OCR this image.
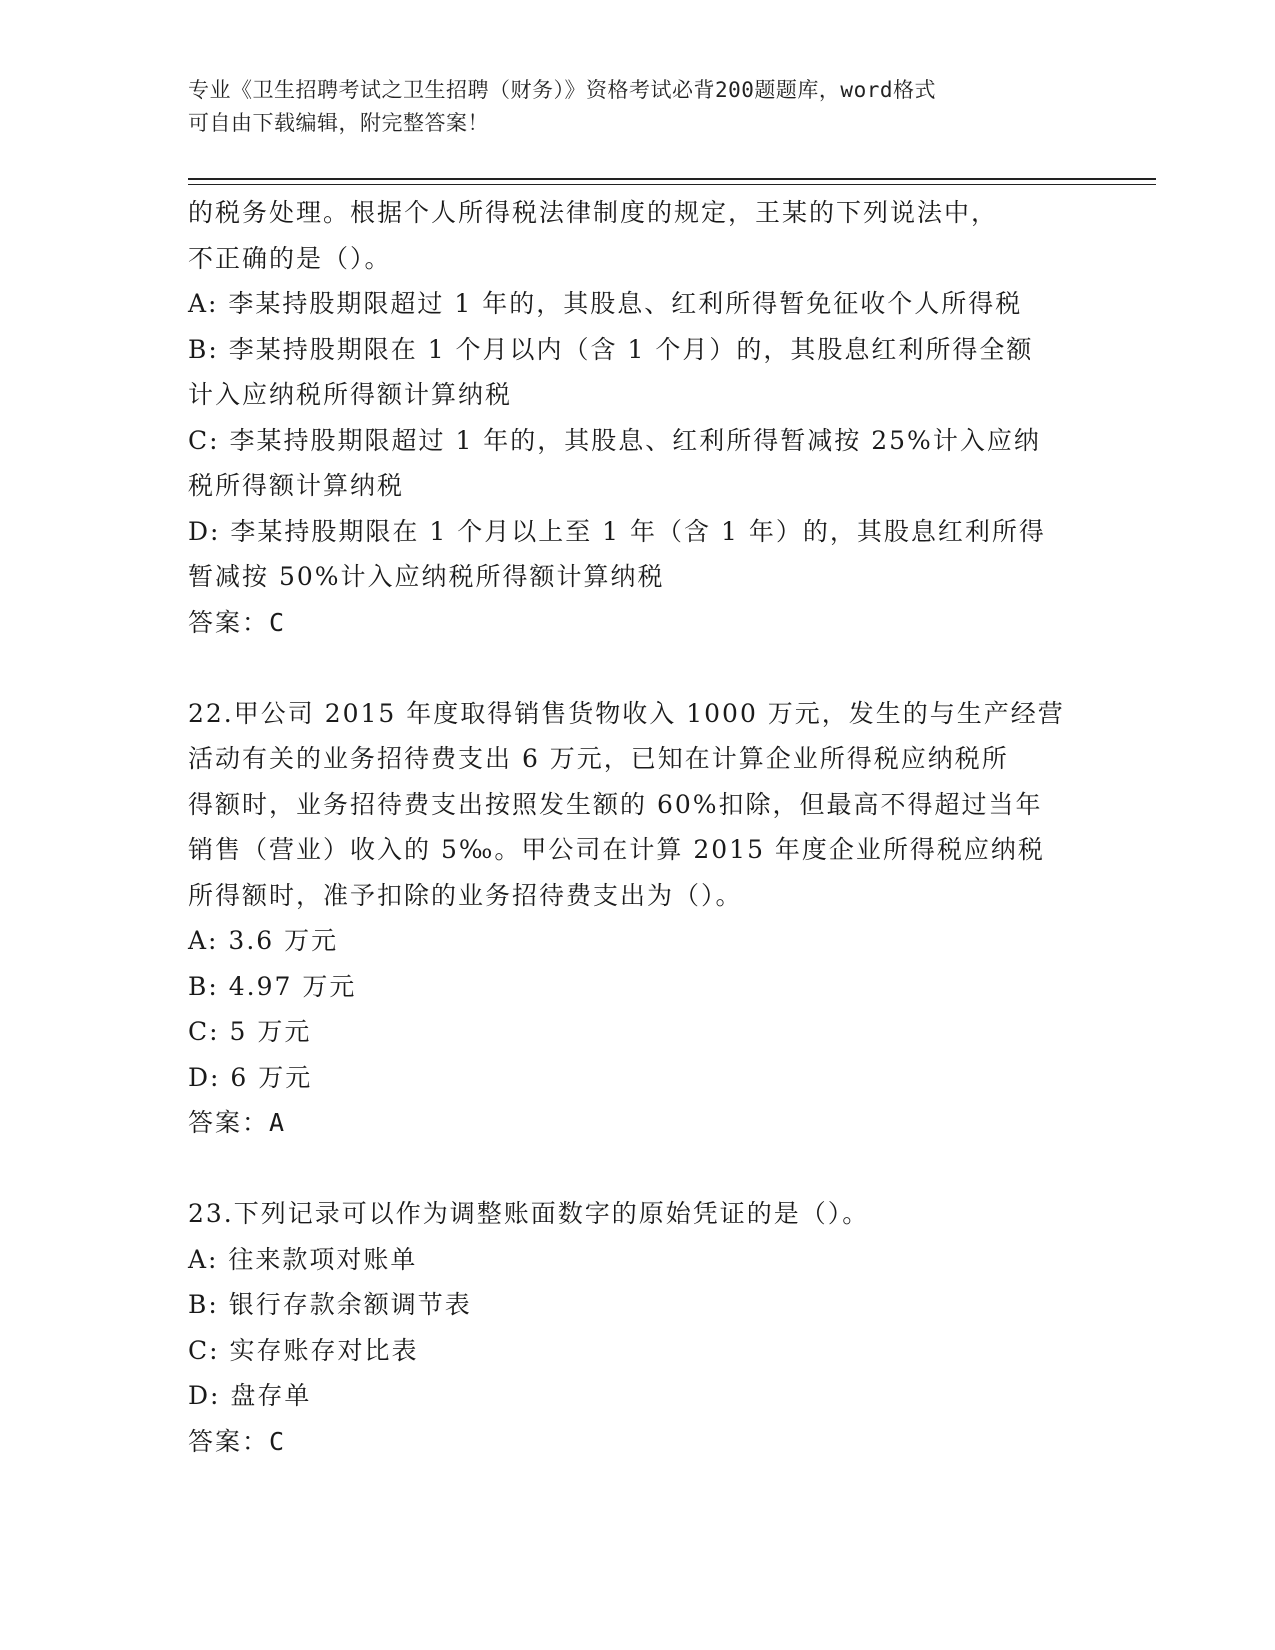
专业《卫生招聘考试之卫生招聘（财务）》资格考试必背200题题库，word格式
可自由下载编辑，附完整答案！
的税务处理。根据个人所得税法律制度的规定，王某的下列说法中，
不正确的是（）。
A: 李某持股期限超过 1 年的，其股息、红利所得暂免征收个人所得税
B: 李某持股期限在 1 个月以内（含 1 个月）的，其股息红利所得全额
计入应纳税所得额计算纳税
C: 李某持股期限超过 1 年的，其股息、红利所得暂减按 25%计入应纳
税所得额计算纳税
D: 李某持股期限在 1 个月以上至 1 年（含 1 年）的，其股息红利所得
暂减按 50%计入应纳税所得额计算纳税
答案：C
22.甲公司 2015 年度取得销售货物收入 1000 万元，发生的与生产经营
活动有关的业务招待费支出 6 万元，已知在计算企业所得税应纳税所
得额时，业务招待费支出按照发生额的 60%扣除，但最高不得超过当年
销售（营业）收入的 5‰。甲公司在计算 2015 年度企业所得税应纳税
所得额时，准予扣除的业务招待费支出为（）。
A: 3.6 万元
B: 4.97 万元
C: 5 万元
D: 6 万元
答案：A
23.下列记录可以作为调整账面数字的原始凭证的是（）。
A: 往来款项对账单
B: 银行存款余额调节表
C: 实存账存对比表
D: 盘存单
答案：C
